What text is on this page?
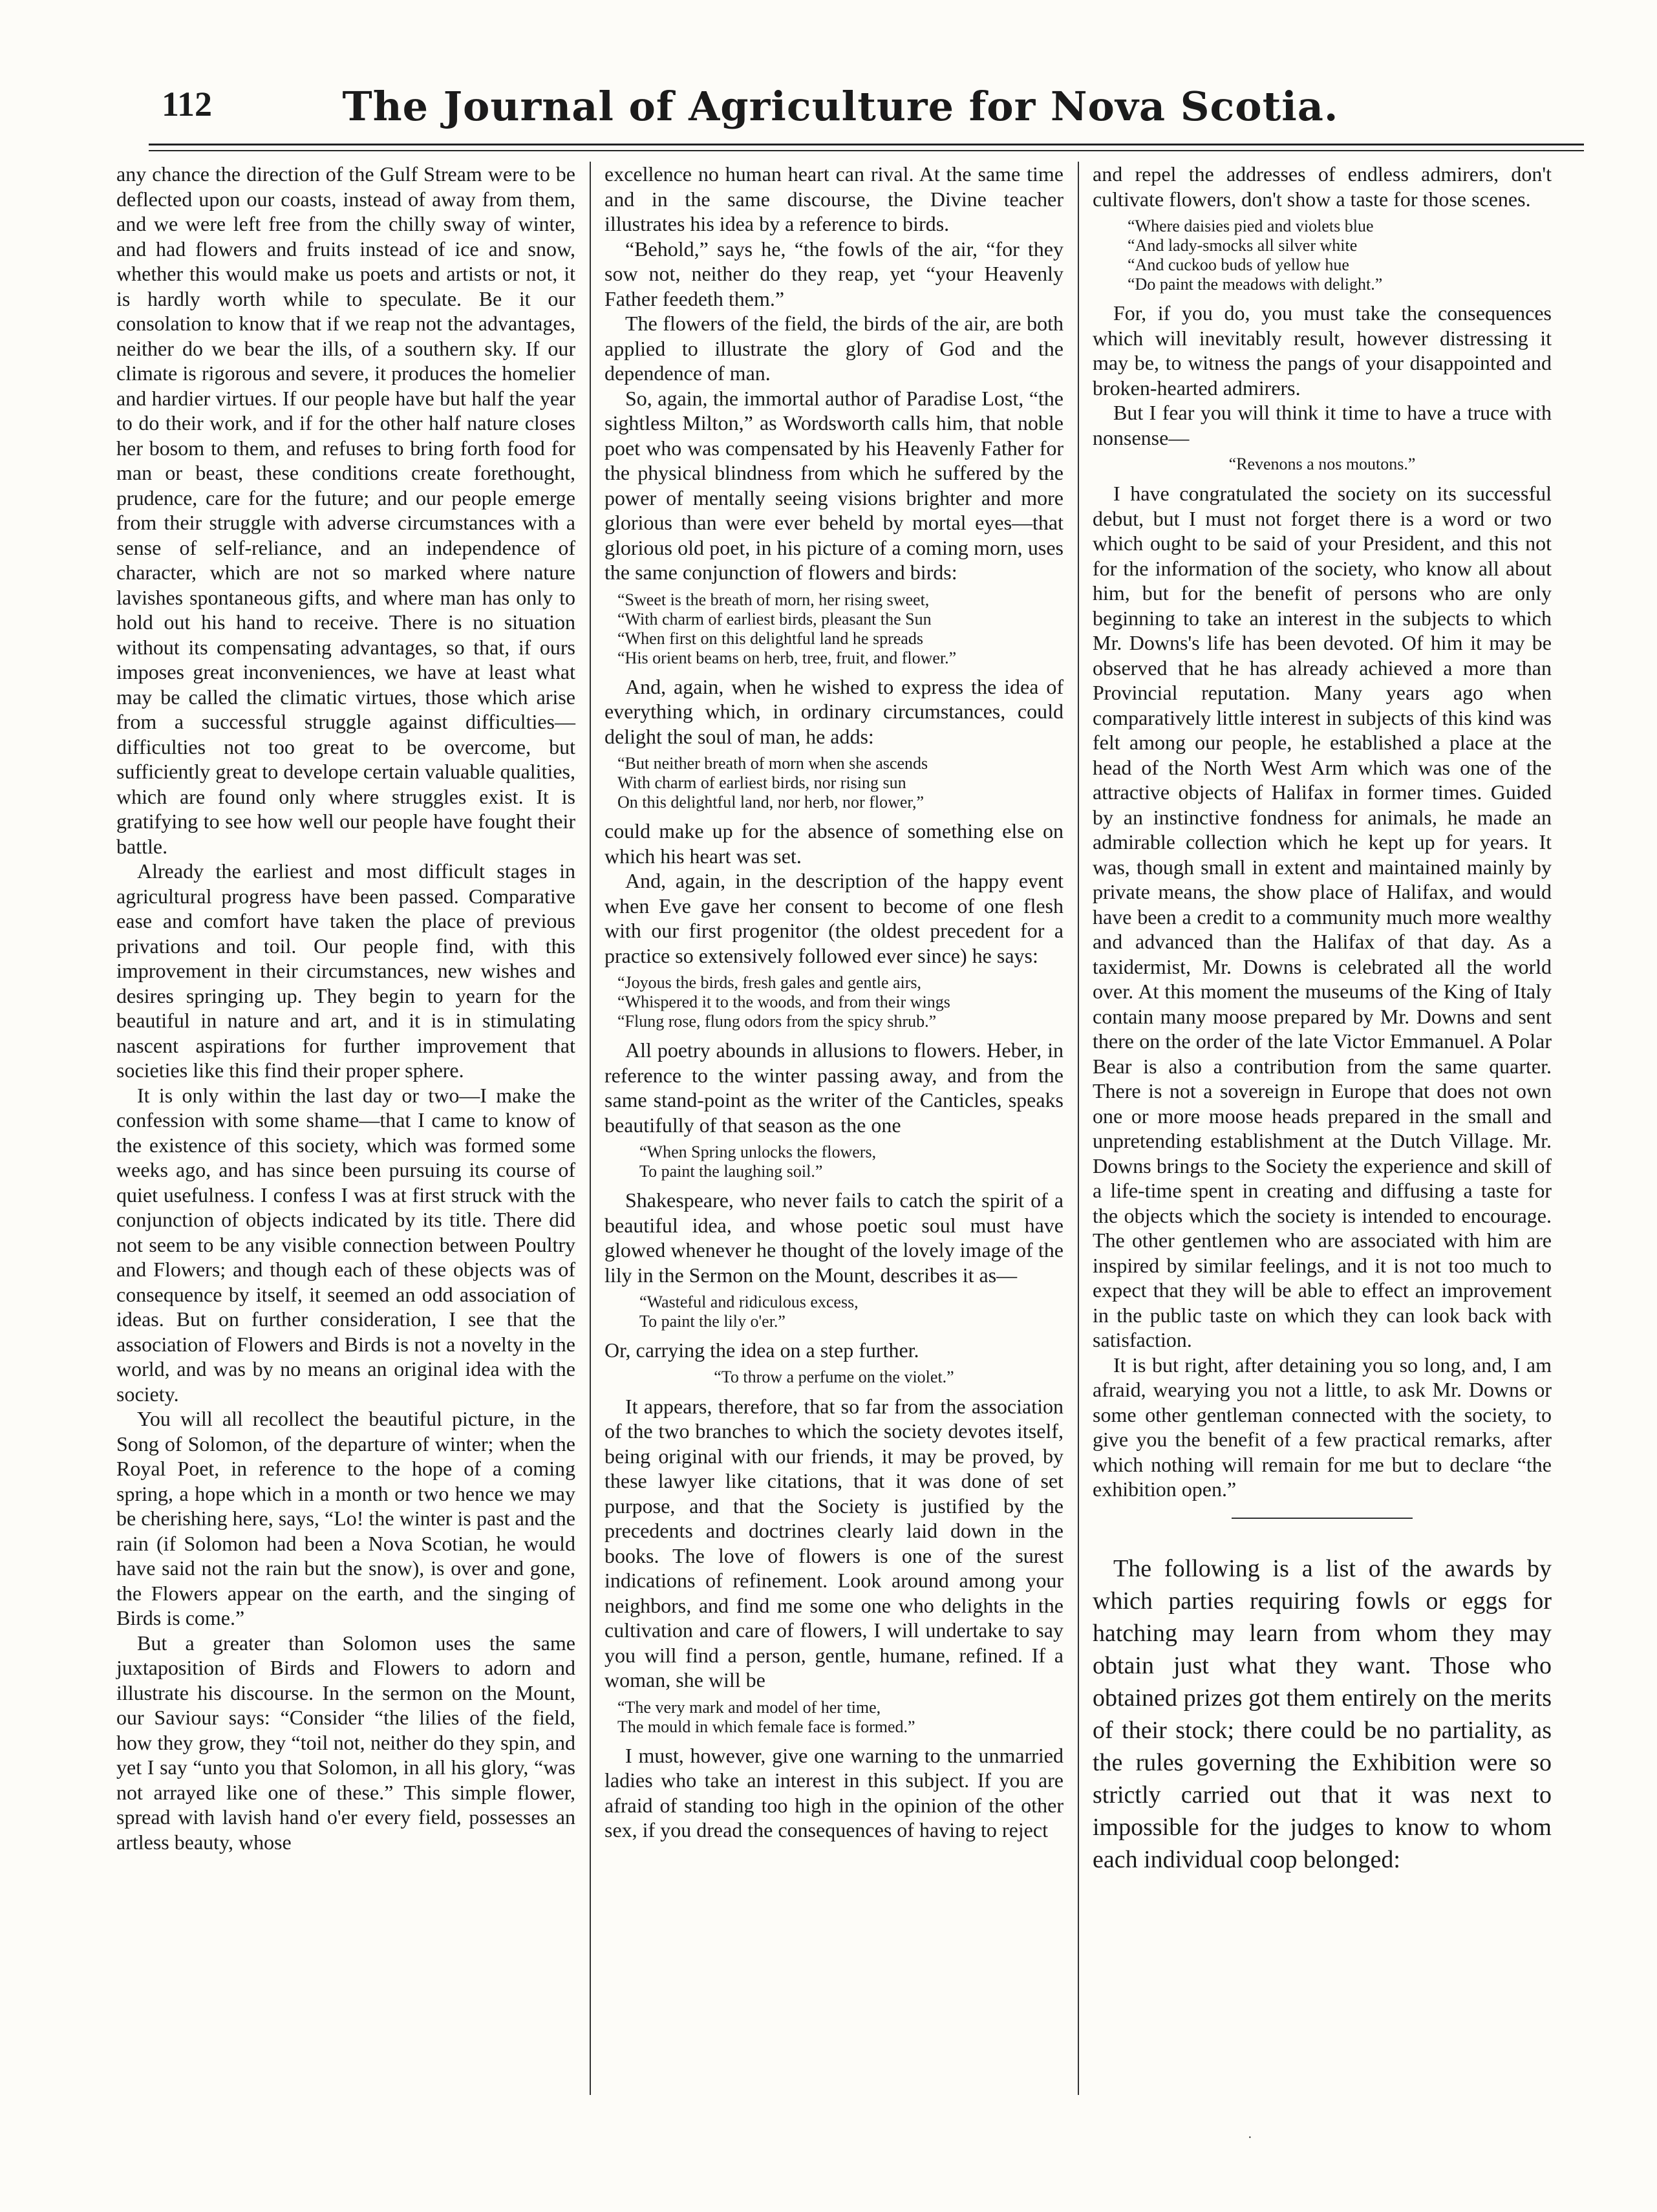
112	The Journal of Agriculture for Nova Scotia.

any chance the direction of the Gulf Stream were to be deflected upon our coasts, instead of away from them, and we were left free from the chilly sway of winter, and had flowers and fruits instead of ice and snow, whether this would make us poets and artists or not, it is hardly worth while to speculate. Be it our consolation to know that if we reap not the advantages, neither do we bear the ills, of a southern sky. If our climate is rigorous and severe, it produces the homelier and hardier virtues. If our people have but half the year to do their work, and if for the other half nature closes her bosom to them, and refuses to bring forth food for man or beast, these conditions create forethought, prudence, care for the future; and our people emerge from their struggle with adverse circumstances with a sense of self-reliance, and an independence of character, which are not so marked where nature lavishes spontaneous gifts, and where man has only to hold out his hand to receive. There is no situation without its compensating advantages, so that, if ours imposes great inconveniences, we have at least what may be called the climatic virtues, those which arise from a successful struggle against difficulties—difficulties not too great to be overcome, but sufficiently great to develope certain valuable qualities, which are found only where struggles exist. It is gratifying to see how well our people have fought their battle.

Already the earliest and most difficult stages in agricultural progress have been passed. Comparative ease and comfort have taken the place of previous privations and toil. Our people find, with this improvement in their circumstances, new wishes and desires springing up. They begin to yearn for the beautiful in nature and art, and it is in stimulating nascent aspirations for further improvement that societies like this find their proper sphere.

It is only within the last day or two—I make the confession with some shame—that I came to know of the existence of this society, which was formed some weeks ago, and has since been pursuing its course of quiet usefulness. I confess I was at first struck with the conjunction of objects indicated by its title. There did not seem to be any visible connection between Poultry and Flowers; and though each of these objects was of consequence by itself, it seemed an odd association of ideas. But on further consideration, I see that the association of Flowers and Birds is not a novelty in the world, and was by no means an original idea with the society.

You will all recollect the beautiful picture, in the Song of Solomon, of the departure of winter; when the Royal Poet, in reference to the hope of a coming spring, a hope which in a month or two hence we may be cherishing here, says, “Lo! the winter is past and the rain (if Solomon had been a Nova Scotian, he would have said not the rain but the snow), is over and gone, the Flowers appear on the earth, and the singing of Birds is come.”

But a greater than Solomon uses the same juxtaposition of Birds and Flowers to adorn and illustrate his discourse. In the sermon on the Mount, our Saviour says: “Consider “the lilies of the field, how they grow, they “toil not, neither do they spin, and yet I say “unto you that Solomon, in all his glory, “was not arrayed like one of these.” This simple flower, spread with lavish hand o'er every field, possesses an artless beauty, whose

excellence no human heart can rival. At the same time and in the same discourse, the Divine teacher illustrates his idea by a reference to birds.

“Behold,” says he, “the fowls of the air, “for they sow not, neither do they reap, yet “your Heavenly Father feedeth them.”

The flowers of the field, the birds of the air, are both applied to illustrate the glory of God and the dependence of man.

So, again, the immortal author of Paradise Lost, “the sightless Milton,” as Wordsworth calls him, that noble poet who was compensated by his Heavenly Father for the physical blindness from which he suffered by the power of mentally seeing visions brighter and more glorious than were ever beheld by mortal eyes—that glorious old poet, in his picture of a coming morn, uses the same conjunction of flowers and birds:

“Sweet is the breath of morn, her rising sweet,
“With charm of earliest birds, pleasant the Sun
“When first on this delightful land he spreads
“His orient beams on herb, tree, fruit, and flower.”

And, again, when he wished to express the idea of everything which, in ordinary circumstances, could delight the soul of man, he adds:

“But neither breath of morn when she ascends
With charm of earliest birds, nor rising sun
On this delightful land, nor herb, nor flower,”

could make up for the absence of something else on which his heart was set.

And, again, in the description of the happy event when Eve gave her consent to become of one flesh with our first progenitor (the oldest precedent for a practice so extensively followed ever since) he says:

“Joyous the birds, fresh gales and gentle airs,
“Whispered it to the woods, and from their wings
“Flung rose, flung odors from the spicy shrub.”

All poetry abounds in allusions to flowers. Heber, in reference to the winter passing away, and from the same stand-point as the writer of the Canticles, speaks beautifully of that season as the one

“When Spring unlocks the flowers,
To paint the laughing soil.”

Shakespeare, who never fails to catch the spirit of a beautiful idea, and whose poetic soul must have glowed whenever he thought of the lovely image of the lily in the Sermon on the Mount, describes it as—

“Wasteful and ridiculous excess,
To paint the lily o'er.”

Or, carrying the idea on a step further.

“To throw a perfume on the violet.”

It appears, therefore, that so far from the association of the two branches to which the society devotes itself, being original with our friends, it may be proved, by these lawyer like citations, that it was done of set purpose, and that the Society is justified by the precedents and doctrines clearly laid down in the books. The love of flowers is one of the surest indications of refinement. Look around among your neighbors, and find me some one who delights in the cultivation and care of flowers, I will undertake to say you will find a person, gentle, humane, refined. If a woman, she will be

“The very mark and model of her time,
The mould in which female face is formed.”

I must, however, give one warning to the unmarried ladies who take an interest in this subject. If you are afraid of standing too high in the opinion of the other sex, if you dread the consequences of having to reject

and repel the addresses of endless admirers, don't cultivate flowers, don't show a taste for those scenes.

“Where daisies pied and violets blue
“And lady-smocks all silver white
“And cuckoo buds of yellow hue
“Do paint the meadows with delight.”

For, if you do, you must take the consequences which will inevitably result, however distressing it may be, to witness the pangs of your disappointed and broken-hearted admirers.

But I fear you will think it time to have a truce with nonsense—

“Revenons a nos moutons.”

I have congratulated the society on its successful debut, but I must not forget there is a word or two which ought to be said of your President, and this not for the information of the society, who know all about him, but for the benefit of persons who are only beginning to take an interest in the subjects to which Mr. Downs's life has been devoted. Of him it may be observed that he has already achieved a more than Provincial reputation. Many years ago when comparatively little interest in subjects of this kind was felt among our people, he established a place at the head of the North West Arm which was one of the attractive objects of Halifax in former times. Guided by an instinctive fondness for animals, he made an admirable collection which he kept up for years. It was, though small in extent and maintained mainly by private means, the show place of Halifax, and would have been a credit to a community much more wealthy and advanced than the Halifax of that day. As a taxidermist, Mr. Downs is celebrated all the world over. At this moment the museums of the King of Italy contain many moose prepared by Mr. Downs and sent there on the order of the late Victor Emmanuel. A Polar Bear is also a contribution from the same quarter. There is not a sovereign in Europe that does not own one or more moose heads prepared in the small and unpretending establishment at the Dutch Village. Mr. Downs brings to the Society the experience and skill of a life-time spent in creating and diffusing a taste for the objects which the society is intended to encourage. The other gentlemen who are associated with him are inspired by similar feelings, and it is not too much to expect that they will be able to effect an improvement in the public taste on which they can look back with satisfaction.

It is but right, after detaining you so long, and, I am afraid, wearying you not a little, to ask Mr. Downs or some other gentleman connected with the society, to give you the benefit of a few practical remarks, after which nothing will remain for me but to declare “the exhibition open.”

The following is a list of the awards by which parties requiring fowls or eggs for hatching may learn from whom they may obtain just what they want. Those who obtained prizes got them entirely on the merits of their stock; there could be no partiality, as the rules governing the Exhibition were so strictly carried out that it was next to impossible for the judges to know to whom each individual coop belonged:

·
